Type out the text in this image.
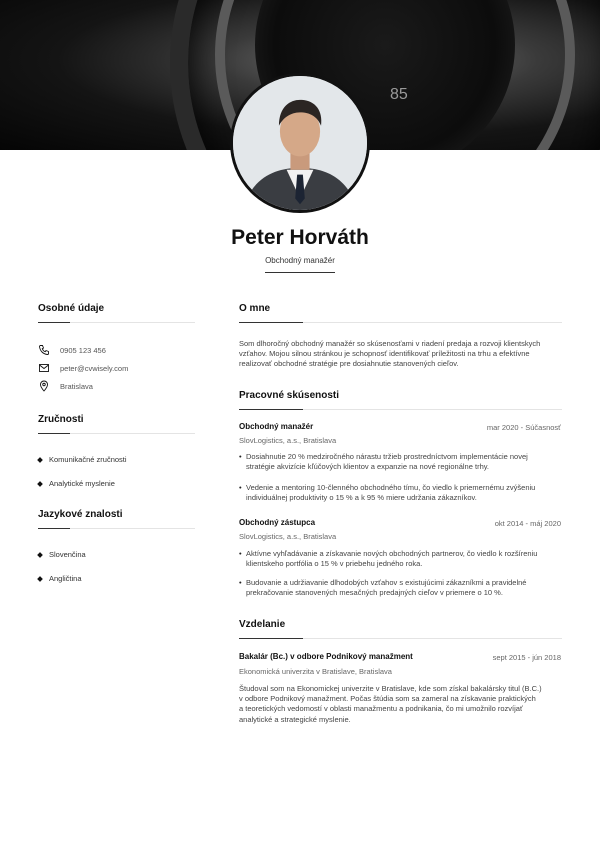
85
Peter Horváth
Obchodný manažér
Osobné údaje
0905 123 456
peter@cvwisely.com
Bratislava
Zručnosti
Komunikačné zručnosti
Analytické myslenie
Jazykové znalosti
Slovenčina
Angličtina
O mne
Som dlhoročný obchodný manažér so skúsenosťami v riadení predaja a rozvoji klientskych
vzťahov. Mojou silnou stránkou je schopnosť identifikovať príležitosti na trhu a efektívne
realizovať obchodné stratégie pre dosiahnutie stanovených cieľov.
Pracovné skúsenosti
Obchodný manažér	mar 2020 - Súčasnosť
SlovLogistics, a.s., Bratislava
• Dosiahnutie 20 % medziročného nárastu tržieb prostredníctvom implementácie novej
stratégie akvizície kľúčových klientov a expanzie na nové regionálne trhy.
• Vedenie a mentoring 10-členného obchodného tímu, čo viedlo k priemernému zvýšeniu
individuálnej produktivity o 15 % a k 95 % miere udržania zákazníkov.
Obchodný zástupca	okt 2014 - máj 2020
SlovLogistics, a.s., Bratislava
• Aktívne vyhľadávanie a získavanie nových obchodných partnerov, čo viedlo k rozšíreniu
klientskeho portfólia o 15 % v priebehu jedného roka.
• Budovanie a udržiavanie dlhodobých vzťahov s existujúcimi zákazníkmi a pravidelné
prekračovanie stanovených mesačných predajných cieľov v priemere o 10 %.
Vzdelanie
Bakalár (Bc.) v odbore Podnikový manažment	sept 2015 - jún 2018
Ekonomická univerzita v Bratislave, Bratislava
Študoval som na Ekonomickej univerzite v Bratislave, kde som získal bakalársky titul (B.C.)
v odbore Podnikový manažment. Počas štúdia som sa zameral na získavanie praktických
a teoretických vedomostí v oblasti manažmentu a podnikania, čo mi umožnilo rozvíjať
analytické a strategické myslenie.
